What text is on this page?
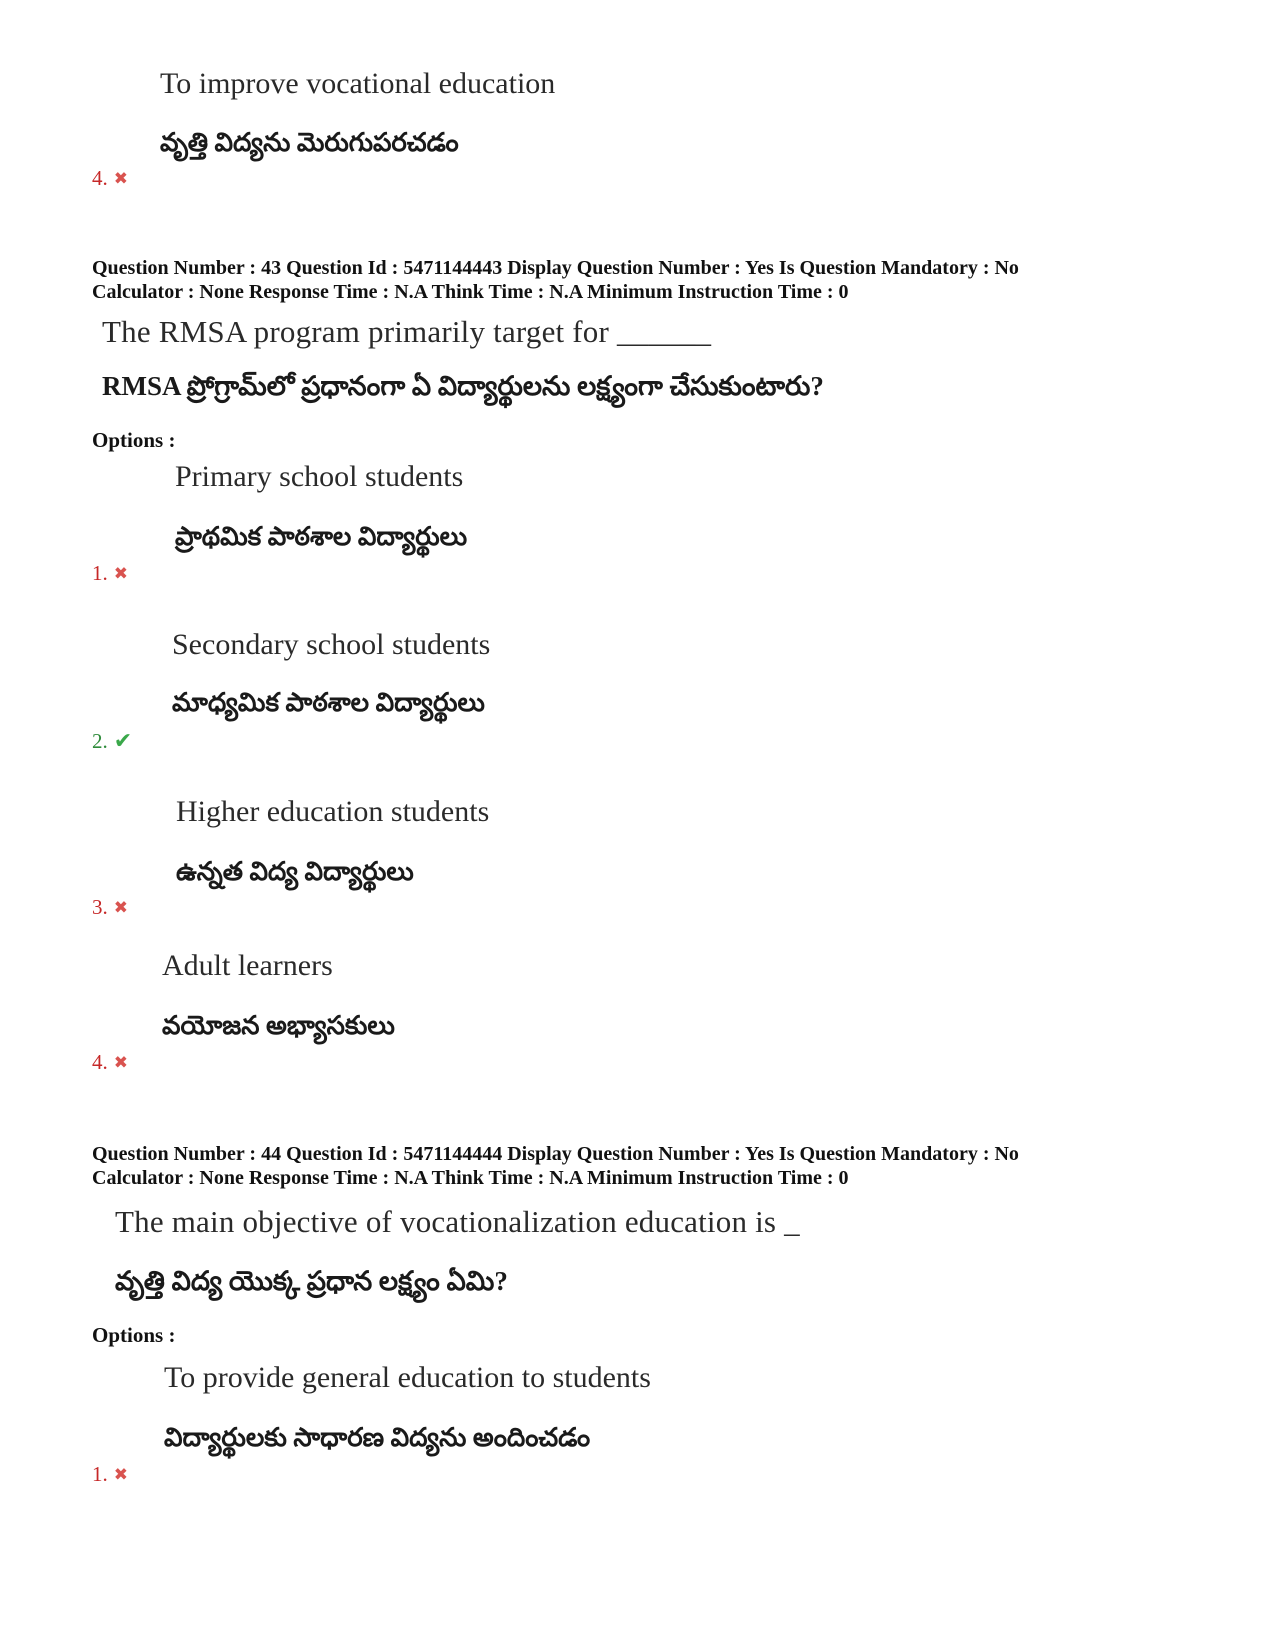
To improve vocational education
వృత్తి విద్యను మెరుగుపరచడం
4. ✖
Question Number : 43 Question Id : 5471144443 Display Question Number : Yes Is Question Mandatory : No
Calculator : None Response Time : N.A Think Time : N.A Minimum Instruction Time : 0
The RMSA program primarily target for ______
RMSA ప్రోగ్రామ్‌లో ప్రధానంగా ఏ విద్యార్థులను లక్ష్యంగా చేసుకుంటారు?
Options :
Primary school students
ప్రాథమిక పాఠశాల విద్యార్థులు
1. ✖
Secondary school students
మాధ్యమిక పాఠశాల విద్యార్థులు
2. ✔
Higher education students
ఉన్నత విద్య విద్యార్థులు
3. ✖
Adult learners
వయోజన అభ్యాసకులు
4. ✖
Question Number : 44 Question Id : 5471144444 Display Question Number : Yes Is Question Mandatory : No
Calculator : None Response Time : N.A Think Time : N.A Minimum Instruction Time : 0
The main objective of vocationalization education is _
వృత్తి విద్య యొక్క ప్రధాన లక్ష్యం ఏమి?
Options :
To provide general education to students
విద్యార్థులకు సాధారణ విద్యను అందించడం
1. ✖
